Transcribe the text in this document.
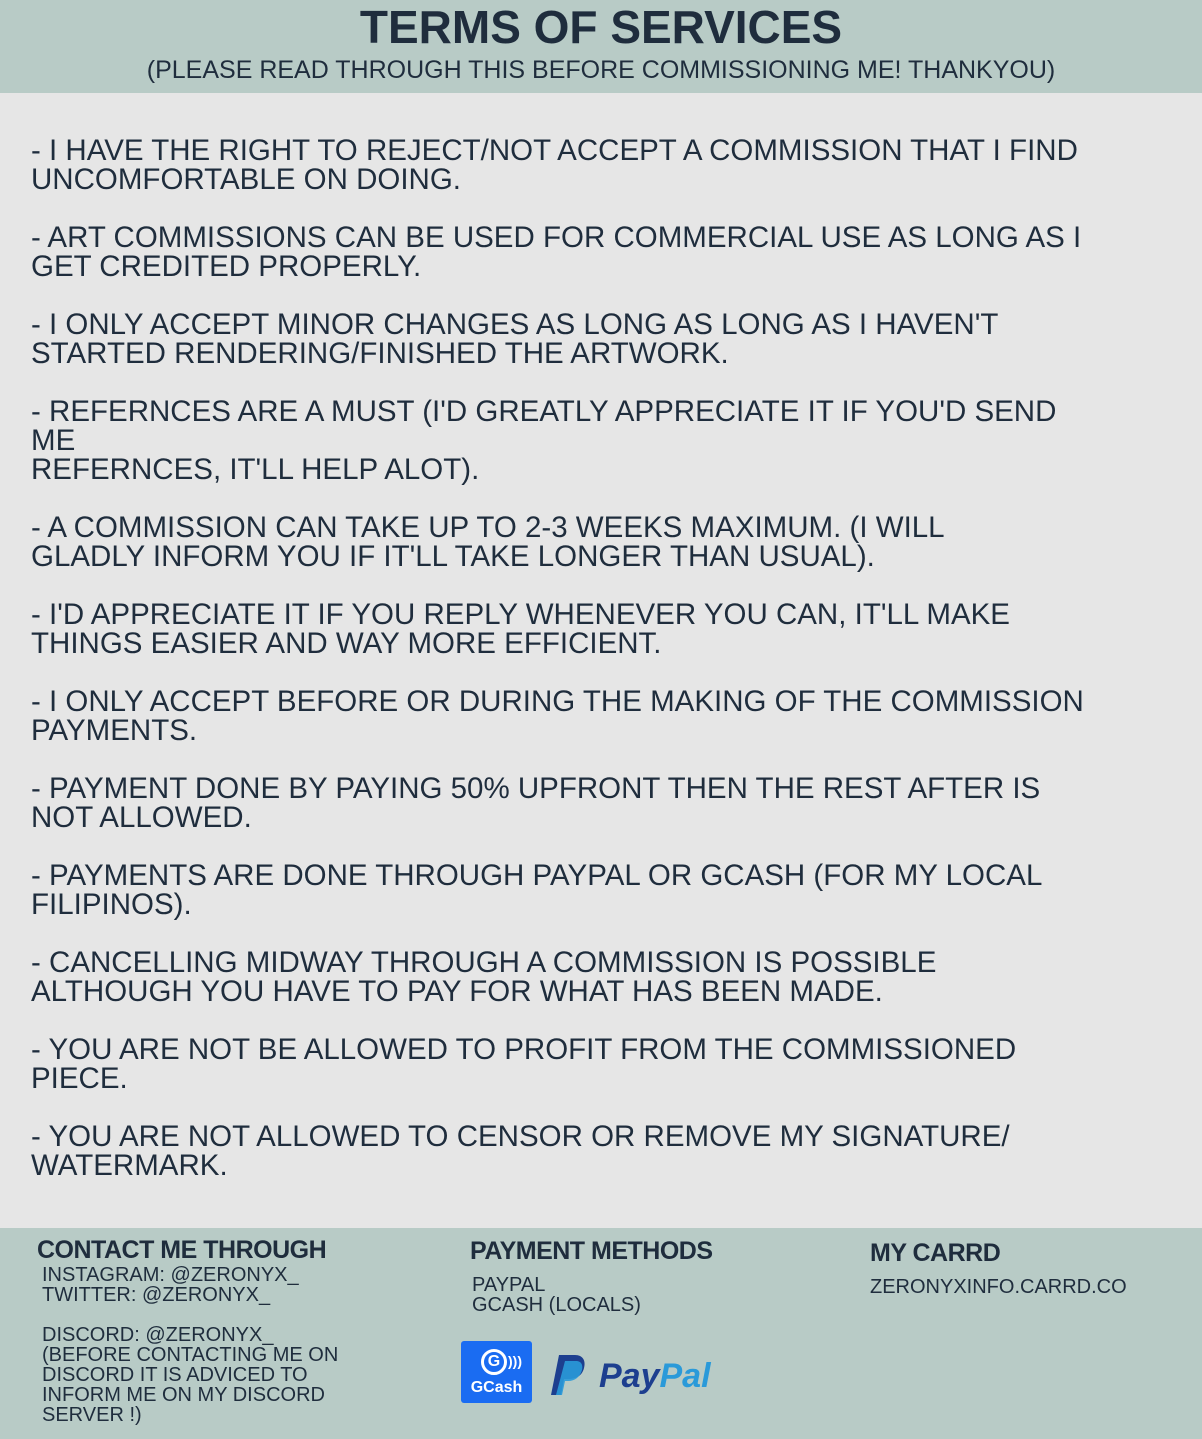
TERMS OF SERVICES
(PLEASE READ THROUGH THIS BEFORE COMMISSIONING ME! THANKYOU)
- I HAVE THE RIGHT TO REJECT/NOT ACCEPT A COMMISSION THAT I FIND
UNCOMFORTABLE ON DOING.
- ART COMMISSIONS CAN BE USED FOR COMMERCIAL USE AS LONG AS I
GET CREDITED PROPERLY.
- I ONLY ACCEPT MINOR CHANGES AS LONG AS LONG AS I HAVEN'T
STARTED RENDERING/FINISHED THE ARTWORK.
- REFERNCES ARE A MUST (I'D GREATLY APPRECIATE IT IF YOU'D SEND
ME
REFERNCES, IT'LL HELP ALOT).
- A COMMISSION CAN TAKE UP TO 2-3 WEEKS MAXIMUM. (I WILL
GLADLY INFORM YOU IF IT'LL TAKE LONGER THAN USUAL).
- I'D APPRECIATE IT IF YOU REPLY WHENEVER YOU CAN, IT'LL MAKE
THINGS EASIER AND WAY MORE EFFICIENT.
- I ONLY ACCEPT BEFORE OR DURING THE MAKING OF THE COMMISSION
PAYMENTS.
- PAYMENT DONE BY PAYING 50% UPFRONT THEN THE REST AFTER IS
NOT ALLOWED.
- PAYMENTS ARE DONE THROUGH PAYPAL OR GCASH (FOR MY LOCAL
FILIPINOS).
- CANCELLING MIDWAY THROUGH A COMMISSION IS POSSIBLE
ALTHOUGH YOU HAVE TO PAY FOR WHAT HAS BEEN MADE.
- YOU ARE NOT BE ALLOWED TO PROFIT FROM THE COMMISSIONED
PIECE.
- YOU ARE NOT ALLOWED TO CENSOR OR REMOVE MY SIGNATURE/
WATERMARK.
CONTACT ME THROUGH
INSTAGRAM: @ZERONYX_
TWITTER: @ZERONYX_

DISCORD: @ZERONYX_
(BEFORE CONTACTING ME ON
DISCORD IT IS ADVICED TO
INFORM ME ON MY DISCORD
SERVER !)
PAYMENT METHODS
PAYPAL
GCASH (LOCALS)
G )))
GCash PayPal
MY CARRD
ZERONYXINFO.CARRD.CO
